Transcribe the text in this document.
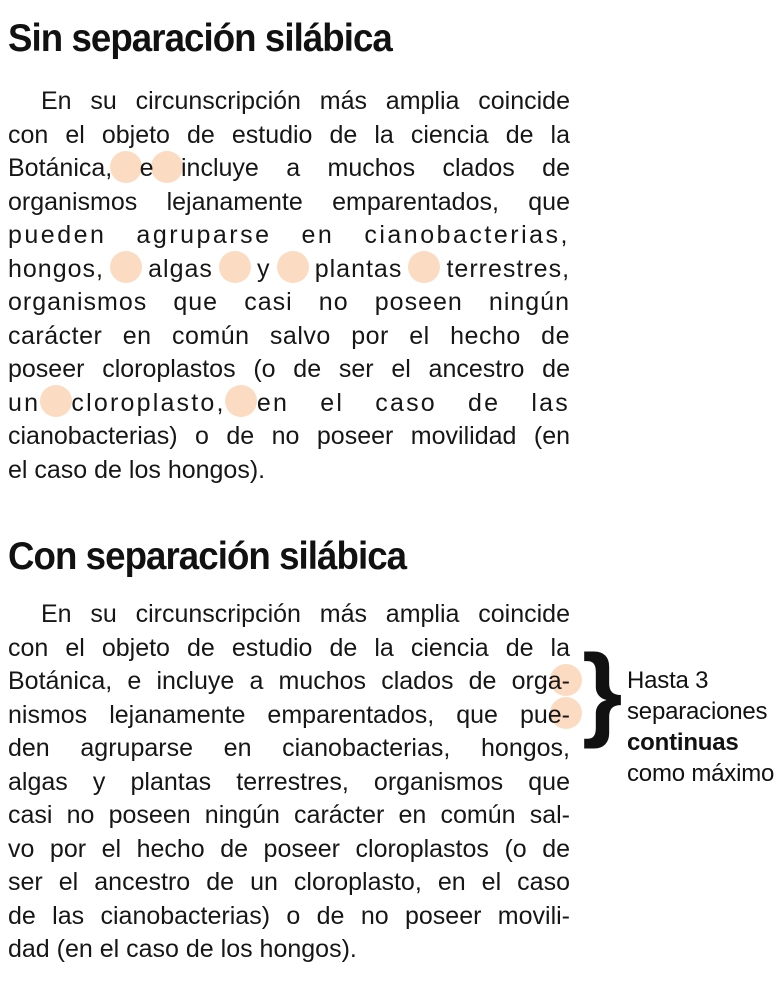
Sin separación silábica
En su circunscripción más amplia coincide
con el objeto de estudio de la ciencia de la
Botánica, e incluye a muchos clados de
organismos lejanamente emparentados, que
pueden agruparse en cianobacterias,
hongos, algas y plantas terrestres,
organismos que casi no poseen ningún
carácter en común salvo por el hecho de
poseer cloroplastos (o de ser el ancestro de
un cloroplasto, en el caso de las
cianobacterias) o de no poseer movilidad (en
el caso de los hongos).
Con separación silábica
En su circunscripción más amplia coincide
con el objeto de estudio de la ciencia de la
Botánica, e incluye a muchos clados de orga-
nismos lejanamente emparentados, que pue-
den agruparse en cianobacterias, hongos,
algas y plantas terrestres, organismos que
casi no poseen ningún carácter en común sal-
vo por el hecho de poseer cloroplastos (o de
ser el ancestro de un cloroplasto, en el caso
de las cianobacterias) o de no poseer movili-
dad (en el caso de los hongos).
} Hasta 3
separaciones
continuas
como máximo
